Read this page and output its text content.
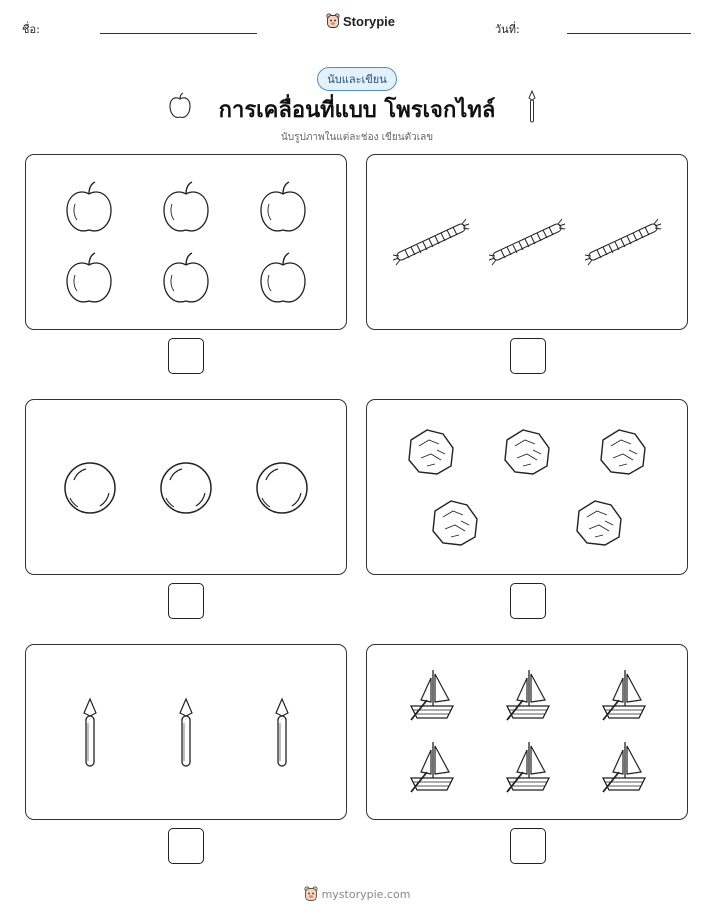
ชื่อ:
Storypie
วันที่:
นับและเขียน
การเคลื่อนที่แบบ โพรเจกไทล์
นับรูปภาพในแต่ละช่อง เขียนตัวเลข
mystorypie.com
